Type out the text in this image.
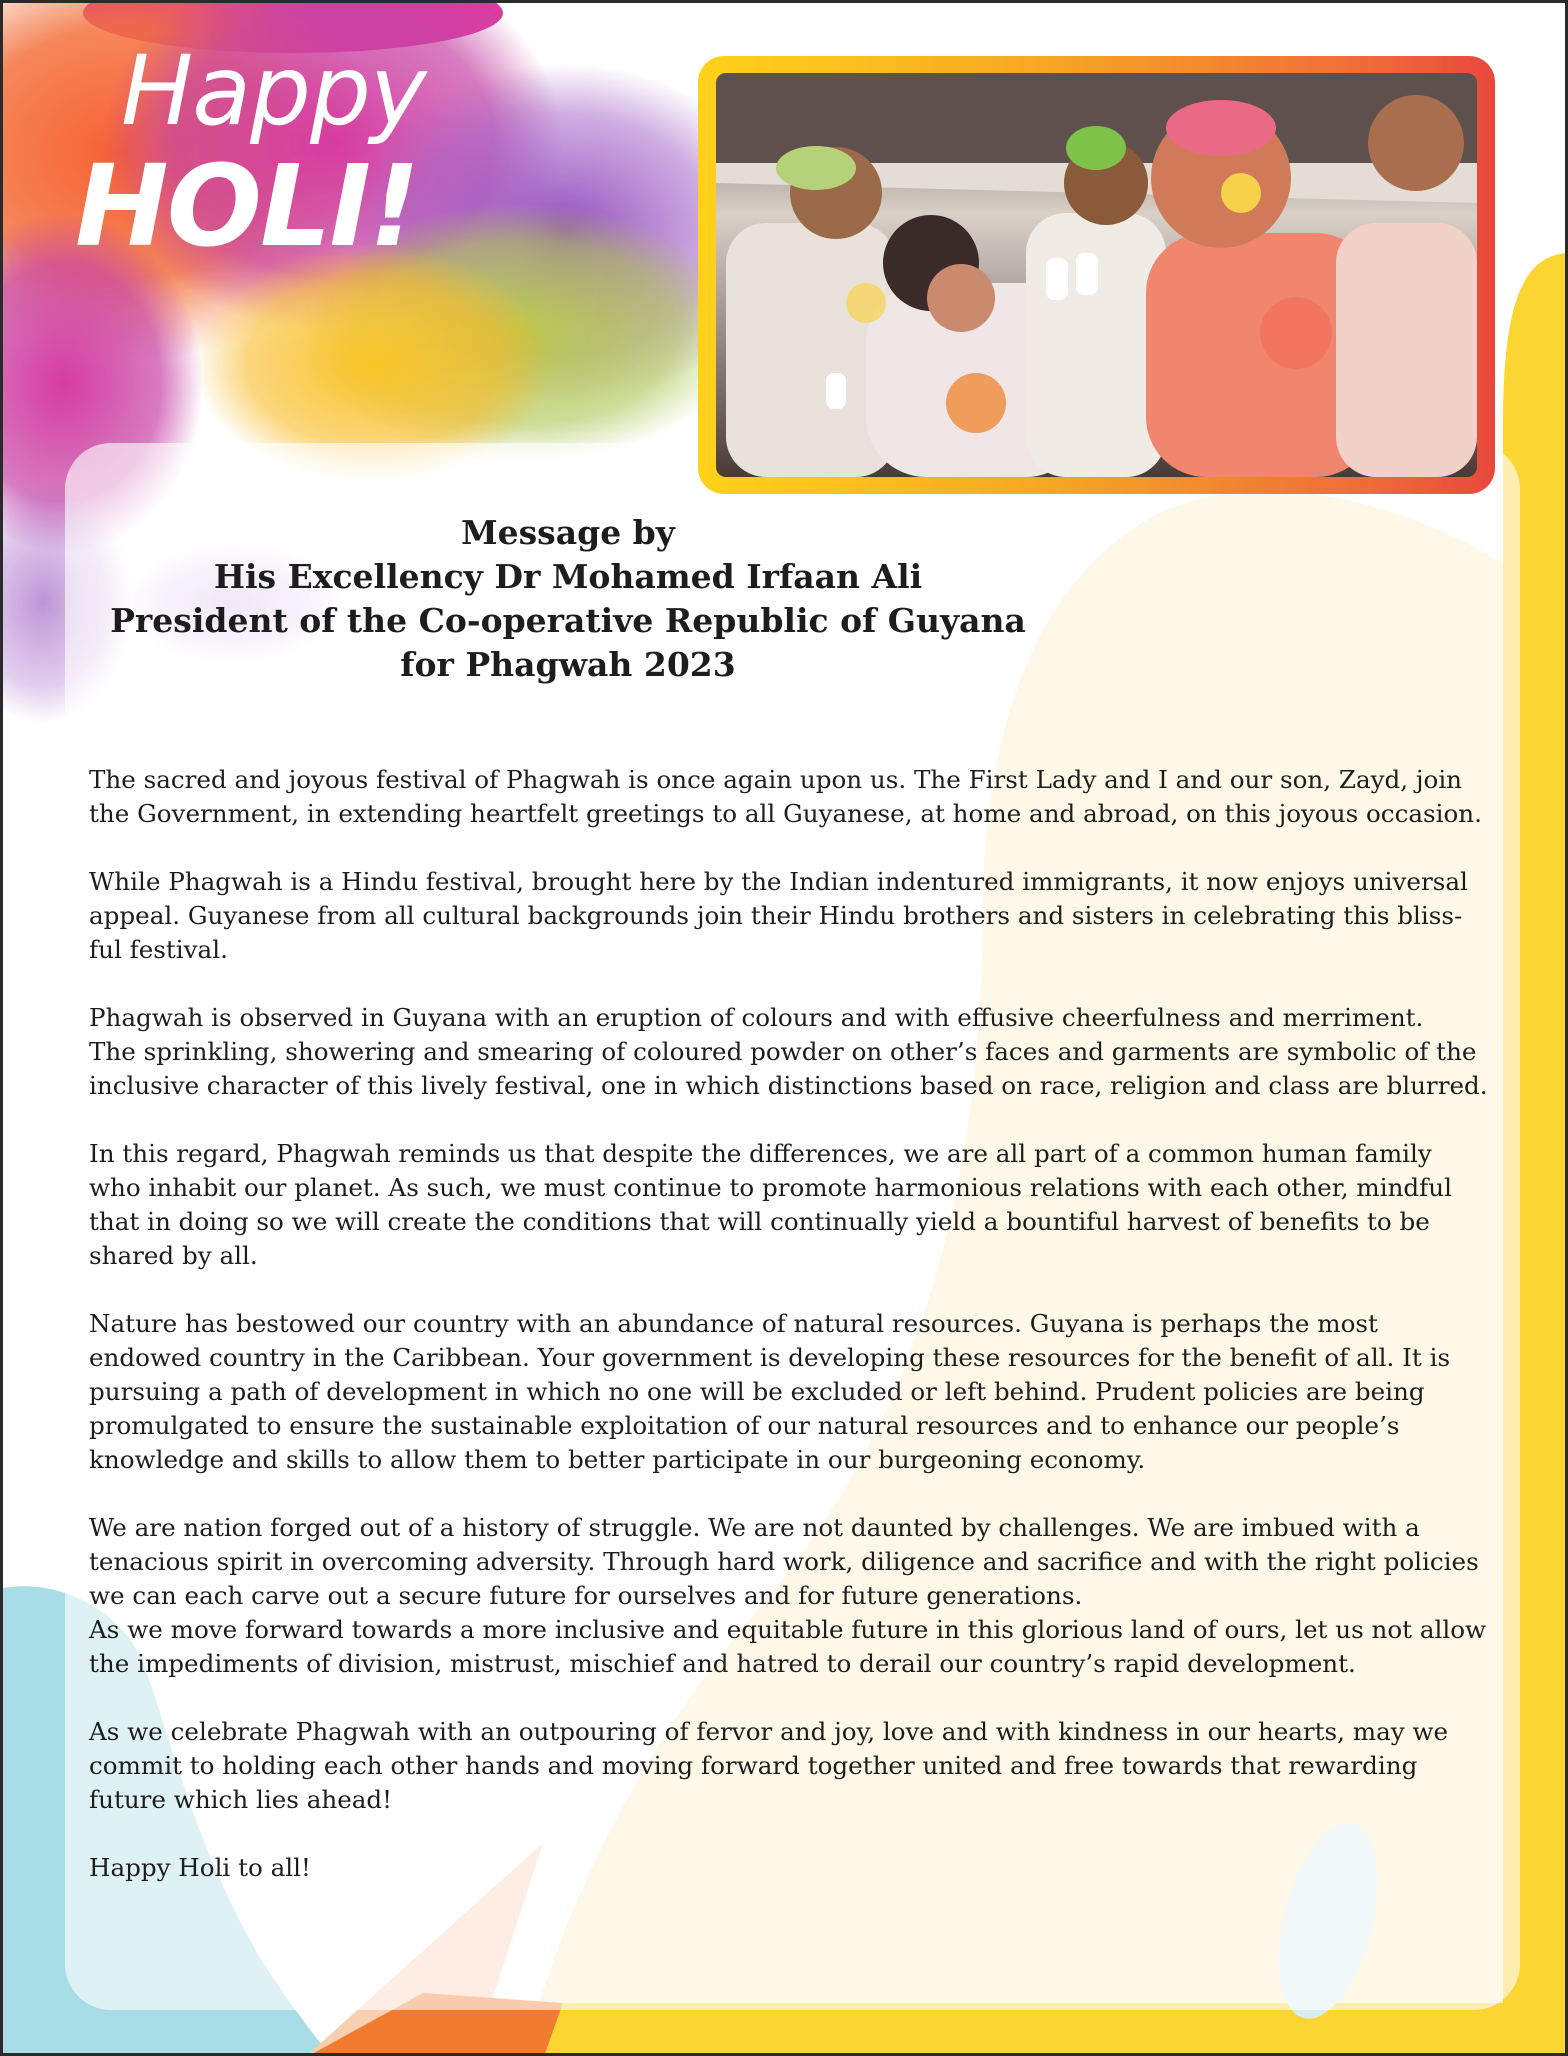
Happy
HOLI!
Message by
His Excellency Dr Mohamed Irfaan Ali
President of the Co-operative Republic of Guyana
for Phagwah 2023

The sacred and joyous festival of Phagwah is once again upon us. The First Lady and I and our son, Zayd, join
the Government, in extending heartfelt greetings to all Guyanese, at home and abroad, on this joyous occasion.

While Phagwah is a Hindu festival, brought here by the Indian indentured immigrants, it now enjoys universal
appeal. Guyanese from all cultural backgrounds join their Hindu brothers and sisters in celebrating this bliss-
ful festival.

Phagwah is observed in Guyana with an eruption of colours and with effusive cheerfulness and merriment.
The sprinkling, showering and smearing of coloured powder on other’s faces and garments are symbolic of the
inclusive character of this lively festival, one in which distinctions based on race, religion and class are blurred.

In this regard, Phagwah reminds us that despite the differences, we are all part of a common human family
who inhabit our planet. As such, we must continue to promote harmonious relations with each other, mindful
that in doing so we will create the conditions that will continually yield a bountiful harvest of benefits to be
shared by all.

Nature has bestowed our country with an abundance of natural resources. Guyana is perhaps the most
endowed country in the Caribbean. Your government is developing these resources for the benefit of all. It is
pursuing a path of development in which no one will be excluded or left behind. Prudent policies are being
promulgated to ensure the sustainable exploitation of our natural resources and to enhance our people’s
knowledge and skills to allow them to better participate in our burgeoning economy.

We are nation forged out of a history of struggle. We are not daunted by challenges. We are imbued with a
tenacious spirit in overcoming adversity. Through hard work, diligence and sacrifice and with the right policies
we can each carve out a secure future for ourselves and for future generations.

As we move forward towards a more inclusive and equitable future in this glorious land of ours, let us not allow
the impediments of division, mistrust, mischief and hatred to derail our country’s rapid development.

As we celebrate Phagwah with an outpouring of fervor and joy, love and with kindness in our hearts, may we
commit to holding each other hands and moving forward together united and free towards that rewarding
future which lies ahead!

Happy Holi to all!
